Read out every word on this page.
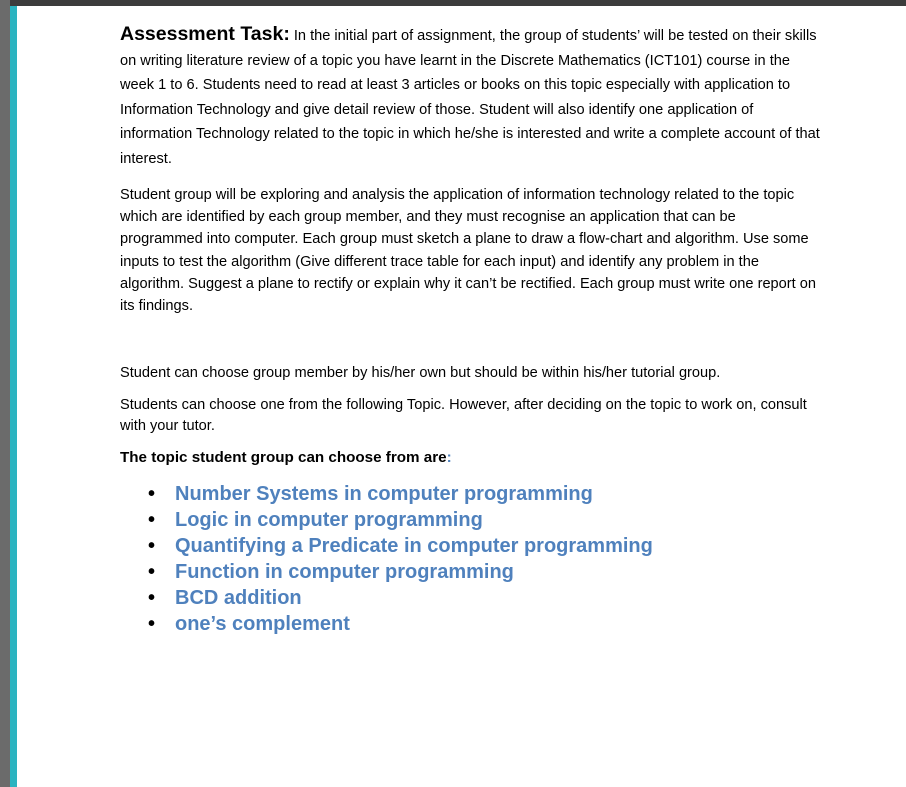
Assessment Task: In the initial part of assignment, the group of students’ will be tested on their skills on writing literature review of a topic you have learnt in the Discrete Mathematics (ICT101) course in the week 1 to 6. Students need to read at least 3 articles or books on this topic especially with application to Information Technology and give detail review of those. Student will also identify one application of information Technology related to the topic in which he/she is interested and write a complete account of that interest.

Student group will be exploring and analysis the application of information technology related to the topic which are identified by each group member, and they must recognise an application that can be programmed into computer. Each group must sketch a plane to draw a flow-chart and algorithm. Use some inputs to test the algorithm (Give different trace table for each input) and identify any problem in the algorithm. Suggest a plane to rectify or explain why it can’t be rectified. Each group must write one report on its findings.

Student can choose group member by his/her own but should be within his/her tutorial group.

Students can choose one from the following Topic. However, after deciding on the topic to work on, consult with your tutor.

The topic student group can choose from are:

• Number Systems in computer programming
• Logic in computer programming
• Quantifying a Predicate in computer programming
• Function in computer programming
• BCD addition
• one’s complement
